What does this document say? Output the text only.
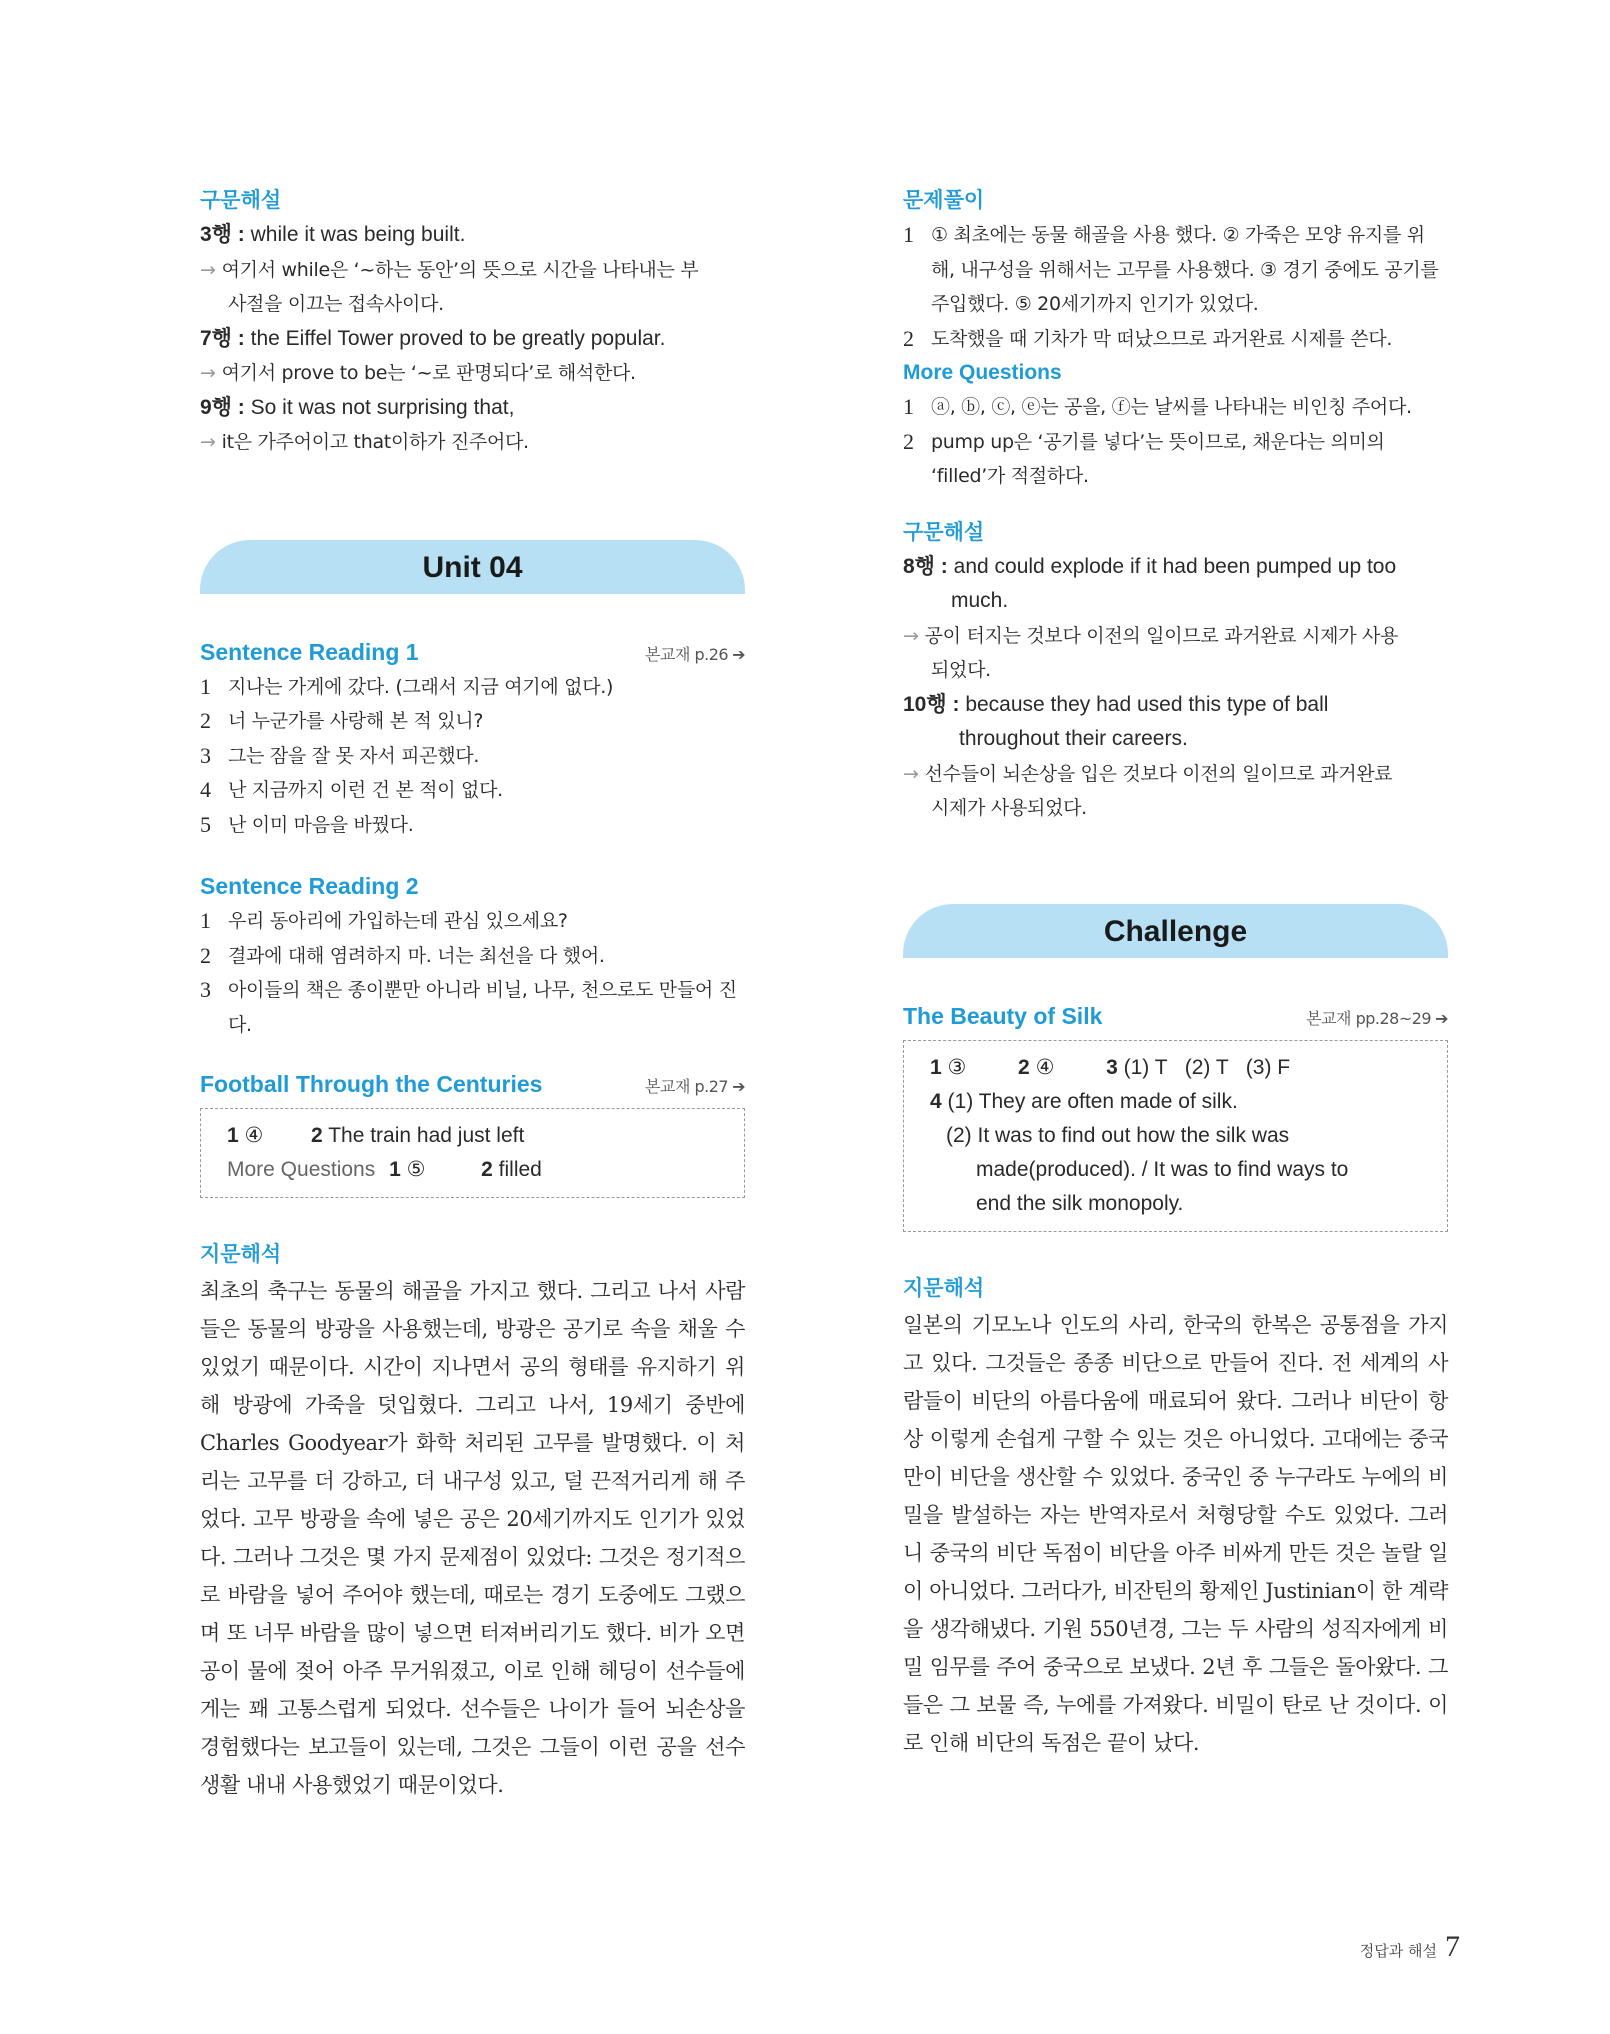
구문해설
3행 : while it was being built.
→ 여기서 while은 ‘~하는 동안’의 뜻으로 시간을 나타내는 부
사절을 이끄는 접속사이다.
7행 : the Eiffel Tower proved to be greatly popular.
→ 여기서 prove to be는 ‘~로 판명되다’로 해석한다.
9행 : So it was not surprising that,
→ it은 가주어이고 that이하가 진주어다.
Unit 04
Sentence Reading 1	본교재 p.26 ➔
1 지나는 가게에 갔다. (그래서 지금 여기에 없다.)
2 너 누군가를 사랑해 본 적 있니?
3 그는 잠을 잘 못 자서 피곤했다.
4 난 지금까지 이런 건 본 적이 없다.
5 난 이미 마음을 바꿨다.
Sentence Reading 2
1 우리 동아리에 가입하는데 관심 있으세요?
2 결과에 대해 염려하지 마. 너는 최선을 다 했어.
3 아이들의 책은 종이뿐만 아니라 비닐, 나무, 천으로도 만들어 진다.
Football Through the Centuries	본교재 p.27 ➔
1 ④ 2 The train had just left
More Questions 1 ⑤	2 filled
지문해석
최초의 축구는 동물의 해골을 가지고 했다. 그리고 나서 사람들은 동물의 방광을 사용했는데, 방광은 공기로 속을 채울 수 있었기 때문이다. 시간이 지나면서 공의 형태를 유지하기 위해 방광에 가죽을 덧입혔다. 그리고 나서, 19세기 중반에 Charles Goodyear가 화학 처리된 고무를 발명했다. 이 처리는 고무를 더 강하고, 더 내구성 있고, 덜 끈적거리게 해 주었다. 고무 방광을 속에 넣은 공은 20세기까지도 인기가 있었다. 그러나 그것은 몇 가지 문제점이 있었다: 그것은 정기적으로 바람을 넣어 주어야 했는데, 때로는 경기 도중에도 그랬으며 또 너무 바람을 많이 넣으면 터져버리기도 했다. 비가 오면 공이 물에 젖어 아주 무거워졌고, 이로 인해 헤딩이 선수들에게는 꽤 고통스럽게 되었다. 선수들은 나이가 들어 뇌손상을 경험했다는 보고들이 있는데, 그것은 그들이 이런 공을 선수생활 내내 사용했었기 때문이었다.
문제풀이
1 ① 최초에는 동물 해골을 사용 했다. ② 가죽은 모양 유지를 위해, 내구성을 위해서는 고무를 사용했다. ③ 경기 중에도 공기를 주입했다. ⑤ 20세기까지 인기가 있었다.
2 도착했을 때 기차가 막 떠났으므로 과거완료 시제를 쓴다.
More Questions
1 ⓐ, ⓑ, ⓒ, ⓔ는 공을, ⓕ는 날씨를 나타내는 비인칭 주어다.
2 pump up은 ‘공기를 넣다’는 뜻이므로, 채운다는 의미의 ‘filled’가 적절하다.
구문해설
8행 : and could explode if it had been pumped up too
much.
→ 공이 터지는 것보다 이전의 일이므로 과거완료 시제가 사용
되었다.
10행 : because they had used this type of ball
throughout their careers.
→ 선수들이 뇌손상을 입은 것보다 이전의 일이므로 과거완료
시제가 사용되었다.
Challenge
The Beauty of Silk	본교재 pp.28~29 ➔
1 ③ 2 ④ 3 (1) T   (2) T   (3) F
4 (1) They are often made of silk.
(2) It was to find out how the silk was
made(produced). / It was to find ways to
end the silk monopoly.
지문해석
일본의 기모노나 인도의 사리, 한국의 한복은 공통점을 가지고 있다. 그것들은 종종 비단으로 만들어 진다. 전 세계의 사람들이 비단의 아름다움에 매료되어 왔다. 그러나 비단이 항상 이렇게 손쉽게 구할 수 있는 것은 아니었다. 고대에는 중국만이 비단을 생산할 수 있었다. 중국인 중 누구라도 누에의 비밀을 발설하는 자는 반역자로서 처형당할 수도 있었다. 그러니 중국의 비단 독점이 비단을 아주 비싸게 만든 것은 놀랄 일이 아니었다. 그러다가, 비잔틴의 황제인 Justinian이 한 계략을 생각해냈다. 기원 550년경, 그는 두 사람의 성직자에게 비밀 임무를 주어 중국으로 보냈다. 2년 후 그들은 돌아왔다. 그들은 그 보물 즉, 누에를 가져왔다. 비밀이 탄로 난 것이다. 이로 인해 비단의 독점은 끝이 났다.
정답과 해설 7
